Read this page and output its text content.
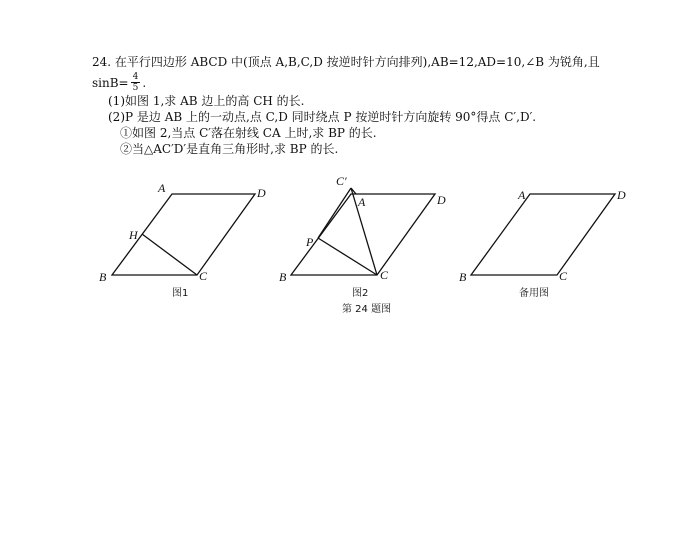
24. 在平行四边形 ABCD 中(顶点 A,B,C,D 按逆时针方向排列),AB=12,AD=10,∠B 为锐角,且
$\sin B= \frac{4}{5}$ .
(1)如图 1,求 AB 边上的高 CH 的长.
(2)P 是边 AB 上的一动点,点 C,D 同时绕点 P 按逆时针方向旋转 90°得点 C′,D′.
①如图 2,当点 C′落在射线 CA 上时,求 BP 的长.
②当△AC′D′是直角三角形时,求 BP 的长.
A	D
H
B	C
图1
C′
A	D
P
B	C
图2
第 24 题图
A	D
B	C
备用图
